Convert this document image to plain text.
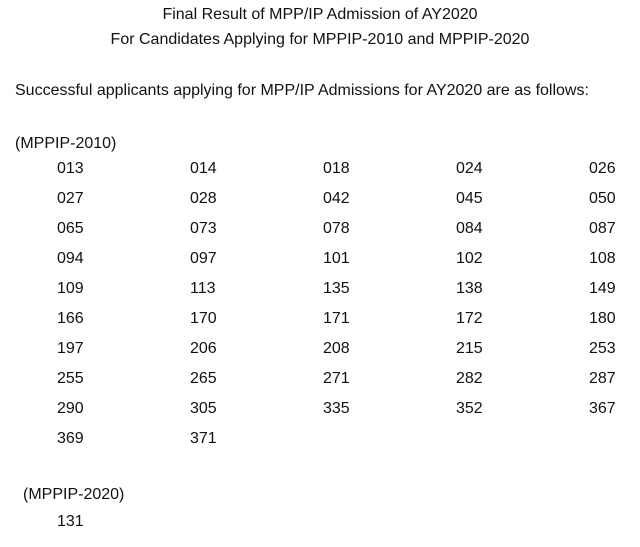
Final Result of MPP/IP Admission of AY2020
For Candidates Applying for MPPIP-2010 and MPPIP-2020
Successful applicants applying for MPP/IP Admissions for AY2020 are as follows:
(MPPIP-2010)
013	014	018	024	026
027	028	042	045	050
065	073	078	084	087
094	097	101	102	108
109	113	135	138	149
166	170	171	172	180
197	206	208	215	253
255	265	271	282	287
290	305	335	352	367
369	371
(MPPIP-2020)
131
